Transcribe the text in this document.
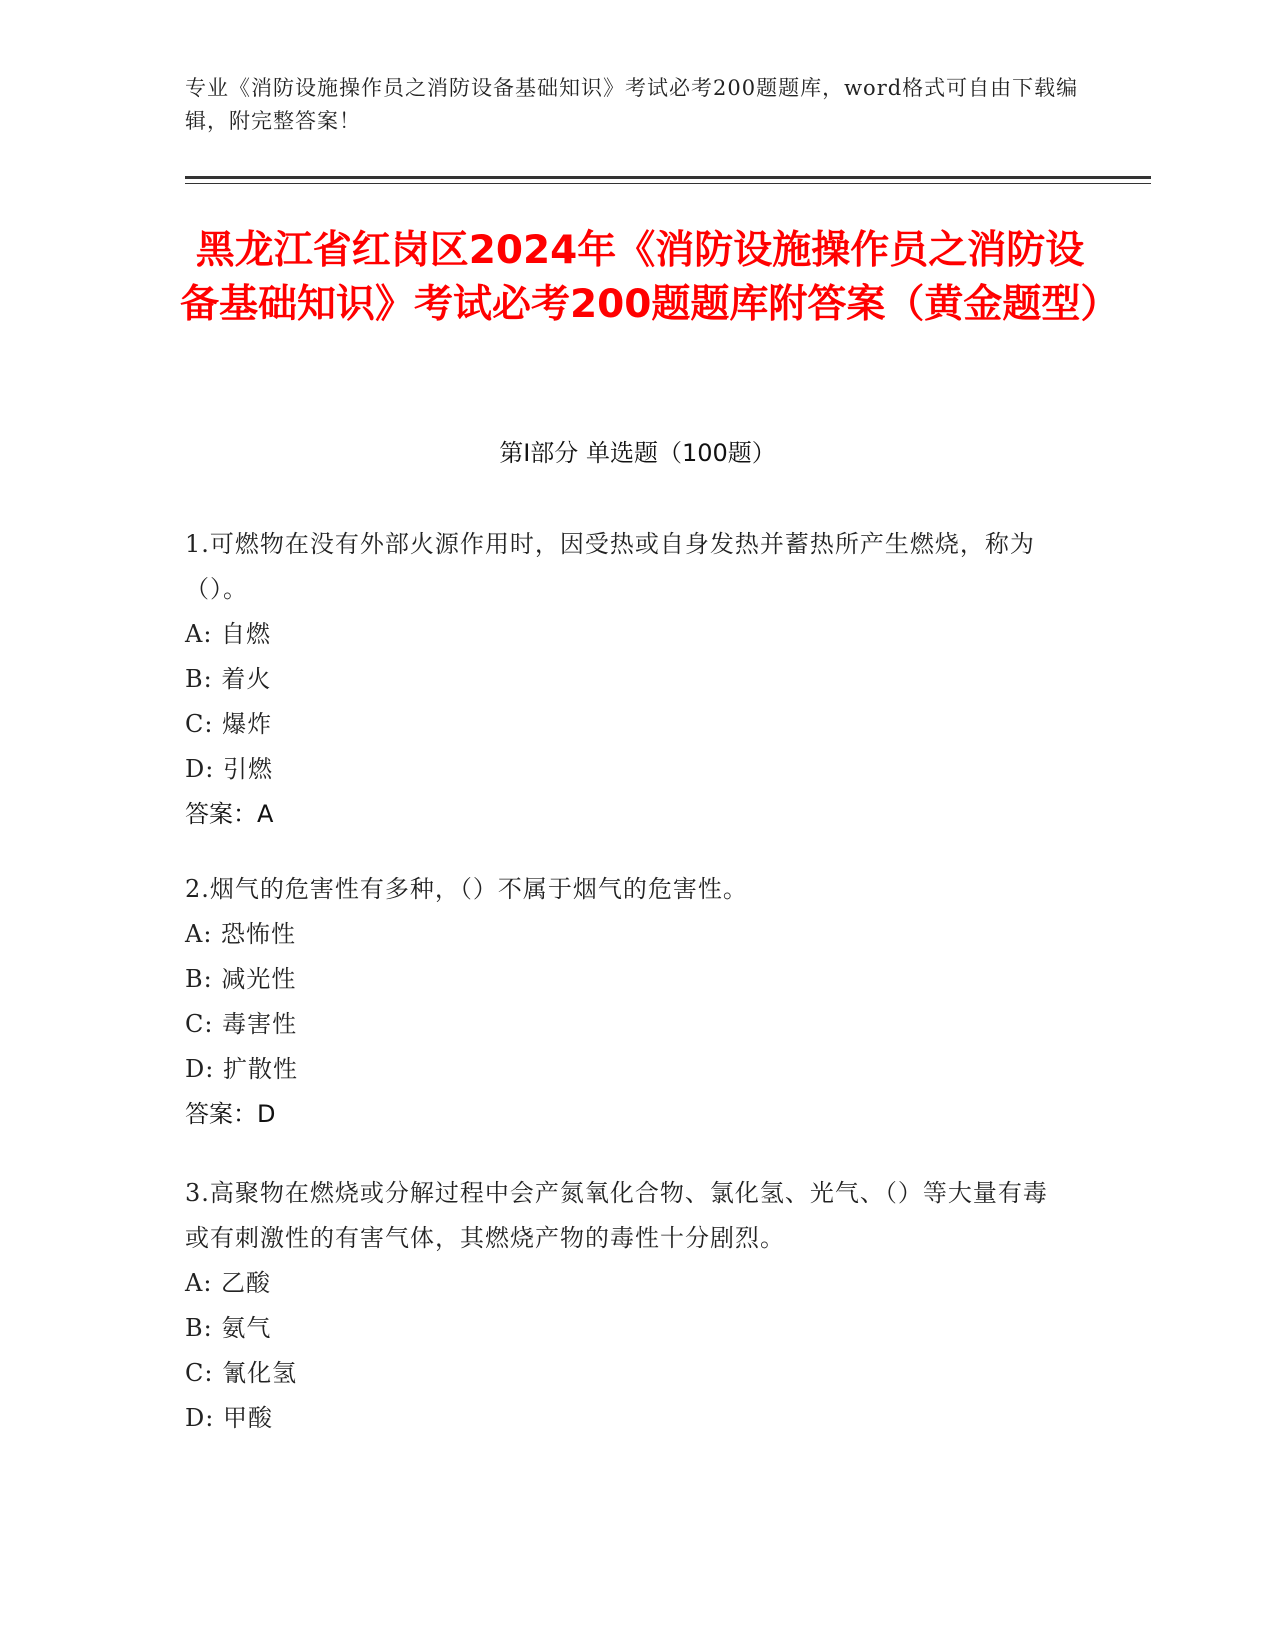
专业《消防设施操作员之消防设备基础知识》考试必考200题题库，word格式可自由下载编辑，附完整答案！
黑龙江省红岗区2024年《消防设施操作员之消防设备基础知识》考试必考200题题库附答案（黄金题型）
第I部分 单选题（100题）
1.可燃物在没有外部火源作用时，因受热或自身发热并蓄热所产生燃烧，称为（）。
A: 自燃
B: 着火
C: 爆炸
D: 引燃
答案：A
2.烟气的危害性有多种，（）不属于烟气的危害性。
A: 恐怖性
B: 减光性
C: 毒害性
D: 扩散性
答案：D
3.高聚物在燃烧或分解过程中会产氮氧化合物、氯化氢、光气、（）等大量有毒或有刺激性的有害气体，其燃烧产物的毒性十分剧烈。
A: 乙酸
B: 氨气
C: 氰化氢
D: 甲酸
